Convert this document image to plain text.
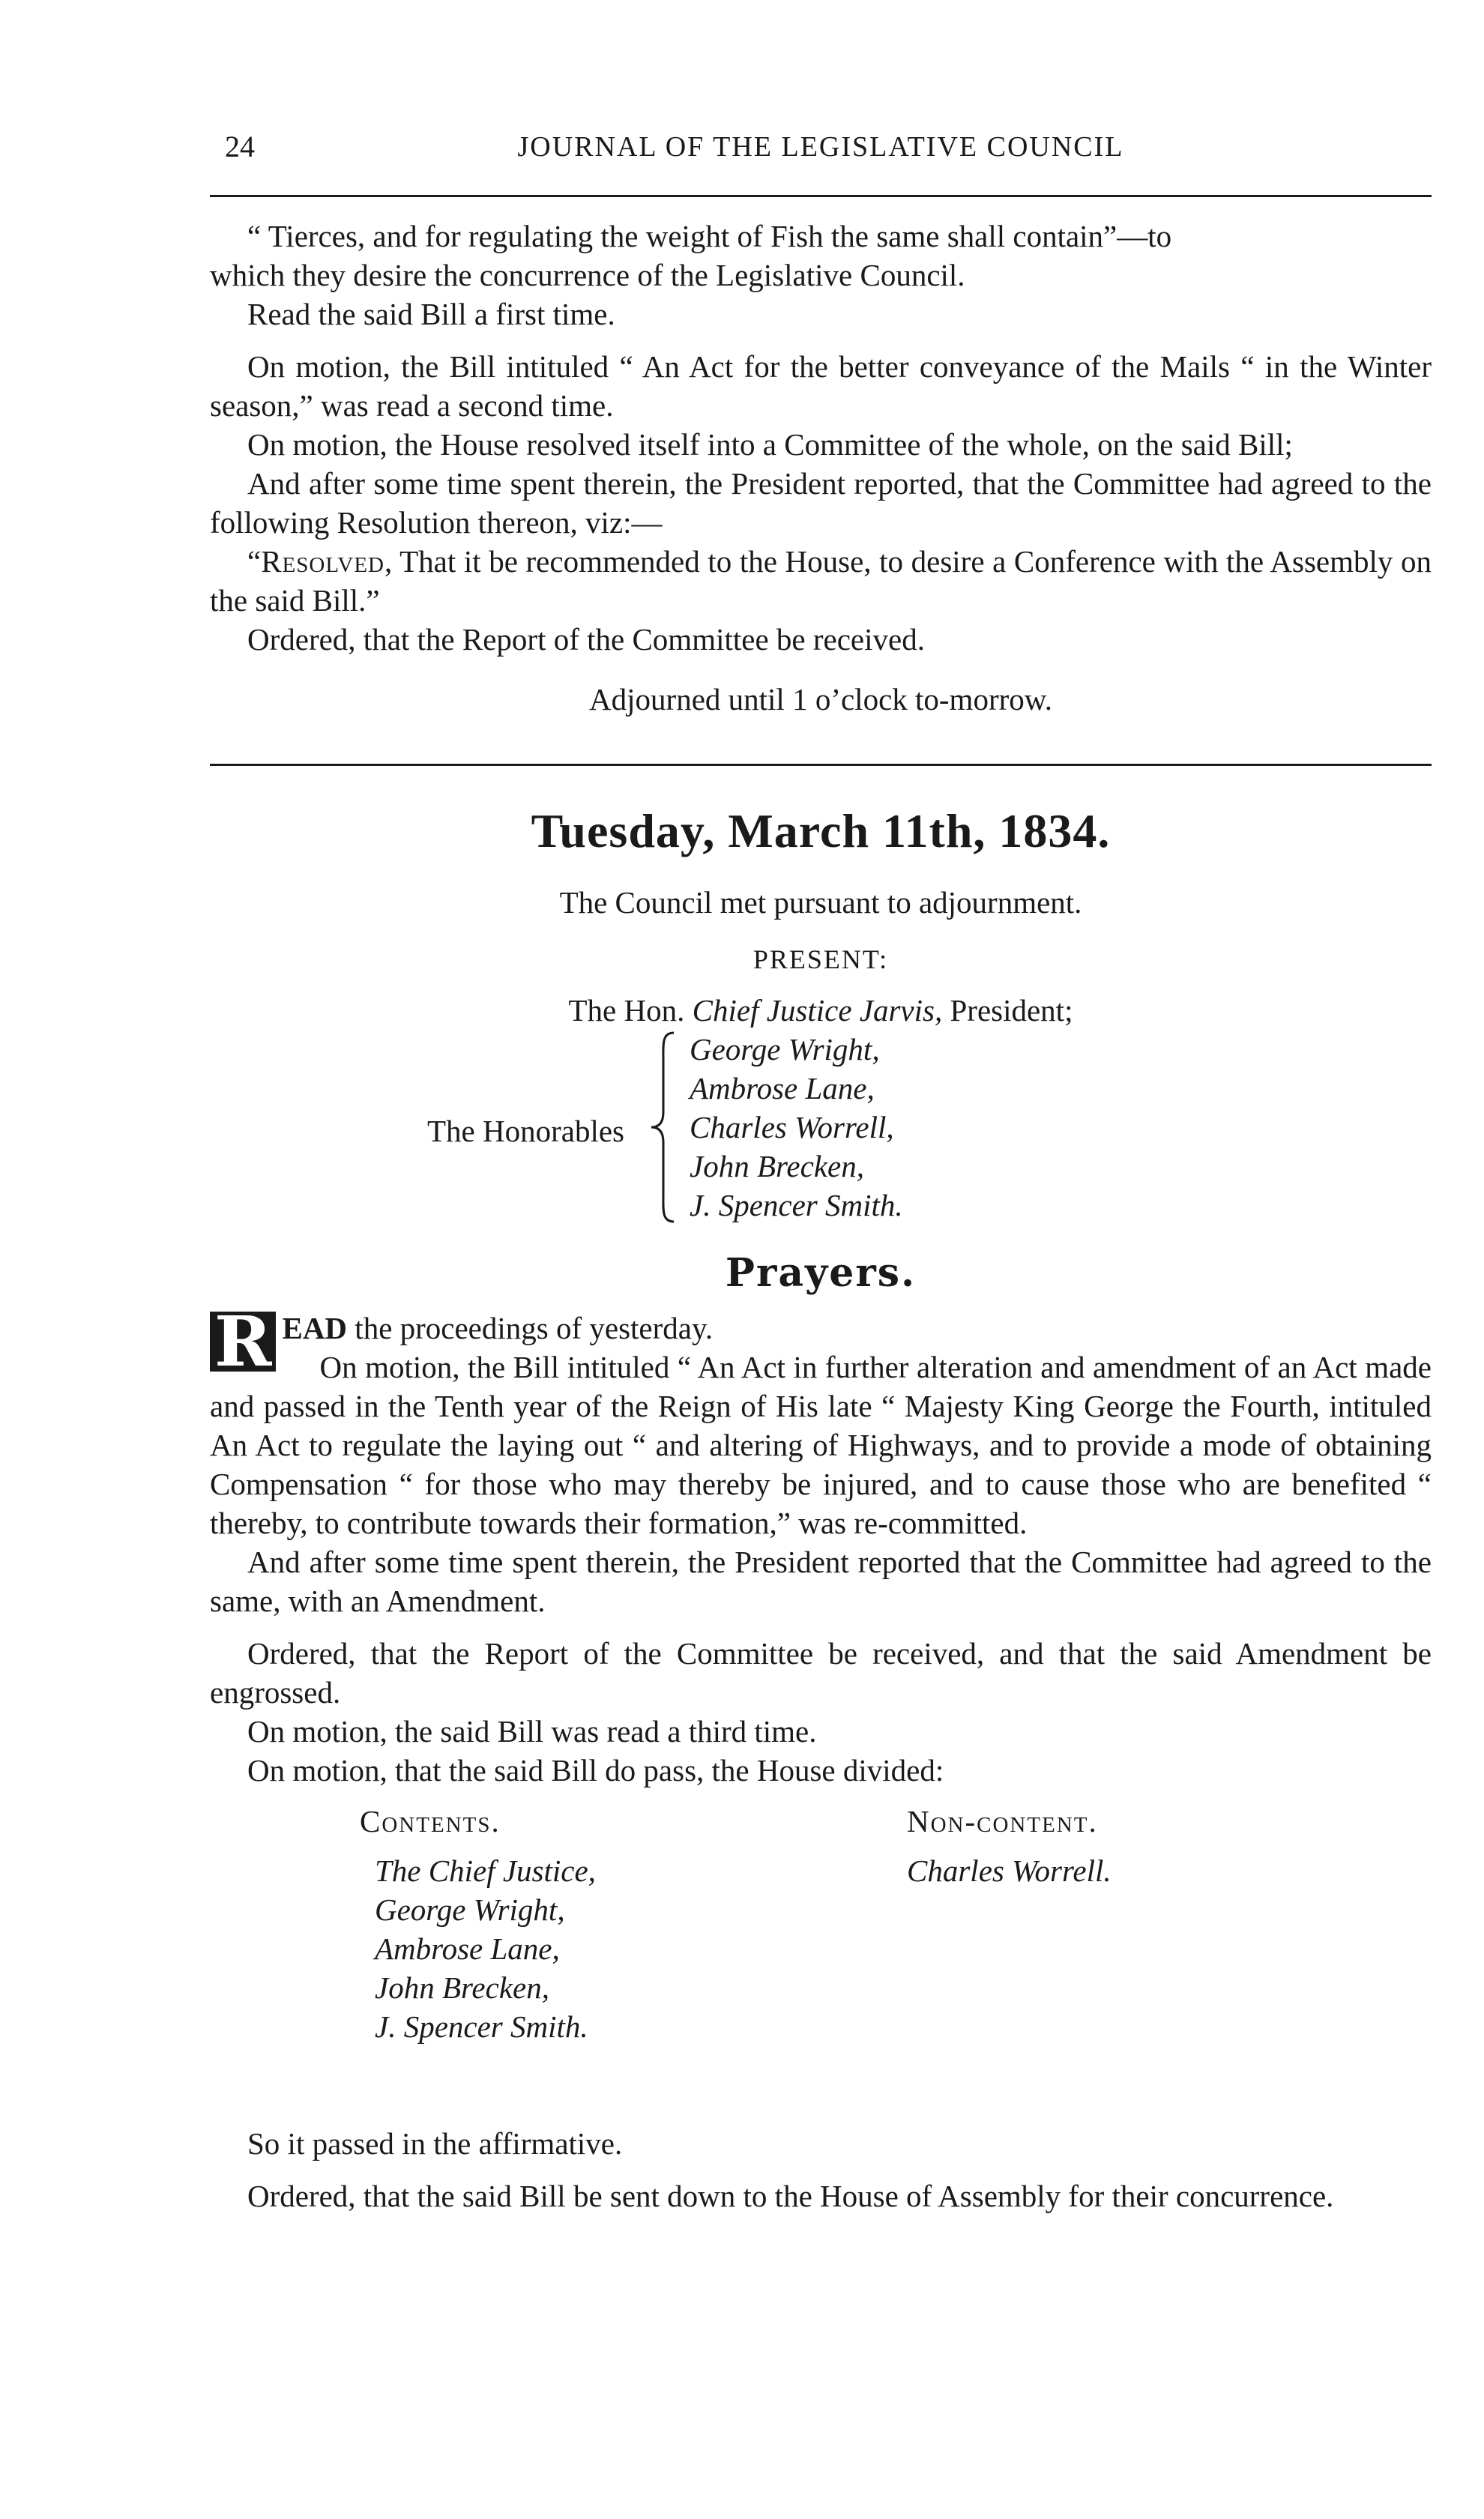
24	JOURNAL OF THE LEGISLATIVE COUNCIL

“ Tierces, and for regulating the weight of Fish the same shall contain”—to

which they desire the concurrence of the Legislative Council.

Read the said Bill a first time.

On motion, the Bill intituled “ An Act for the better conveyance of the Mails “ in the Winter season,” was read a second time.

On motion, the House resolved itself into a Committee of the whole, on the said Bill;

And after some time spent therein, the President reported, that the Committee had agreed to the following Resolution thereon, viz:—

“Resolved, That it be recommended to the House, to desire a Conference with the Assembly on the said Bill.”

Ordered, that the Report of the Committee be received.

Adjourned until 1 o’clock to-morrow.

Tuesday, March 11th, 1834.
The Council met pursuant to adjournment.
PRESENT:
The Hon. Chief Justice Jarvis, President;
The Honorables
George Wright,
Ambrose Lane,
Charles Worrell,
John Brecken,
J. Spencer Smith.
Prayers.

R EAD the proceedings of yesterday.

On motion, the Bill intituled “ An Act in further alteration and amendment of an Act made and passed in the Tenth year of the Reign of His late “ Majesty King George the Fourth, intituled An Act to regulate the laying out “ and altering of Highways, and to provide a mode of obtaining Compensation “ for those who may thereby be injured, and to cause those who are benefited “ thereby, to contribute towards their formation,” was re-committed.

And after some time spent therein, the President reported that the Committee had agreed to the same, with an Amendment.

Ordered, that the Report of the Committee be received, and that the said Amendment be engrossed.

On motion, the said Bill was read a third time.

On motion, that the said Bill do pass, the House divided:

Contents.
The Chief Justice,
George Wright,
Ambrose Lane,
John Brecken,
J. Spencer Smith.
Non-content.
Charles Worrell.

So it passed in the affirmative.

Ordered, that the said Bill be sent down to the House of Assembly for their concurrence.
